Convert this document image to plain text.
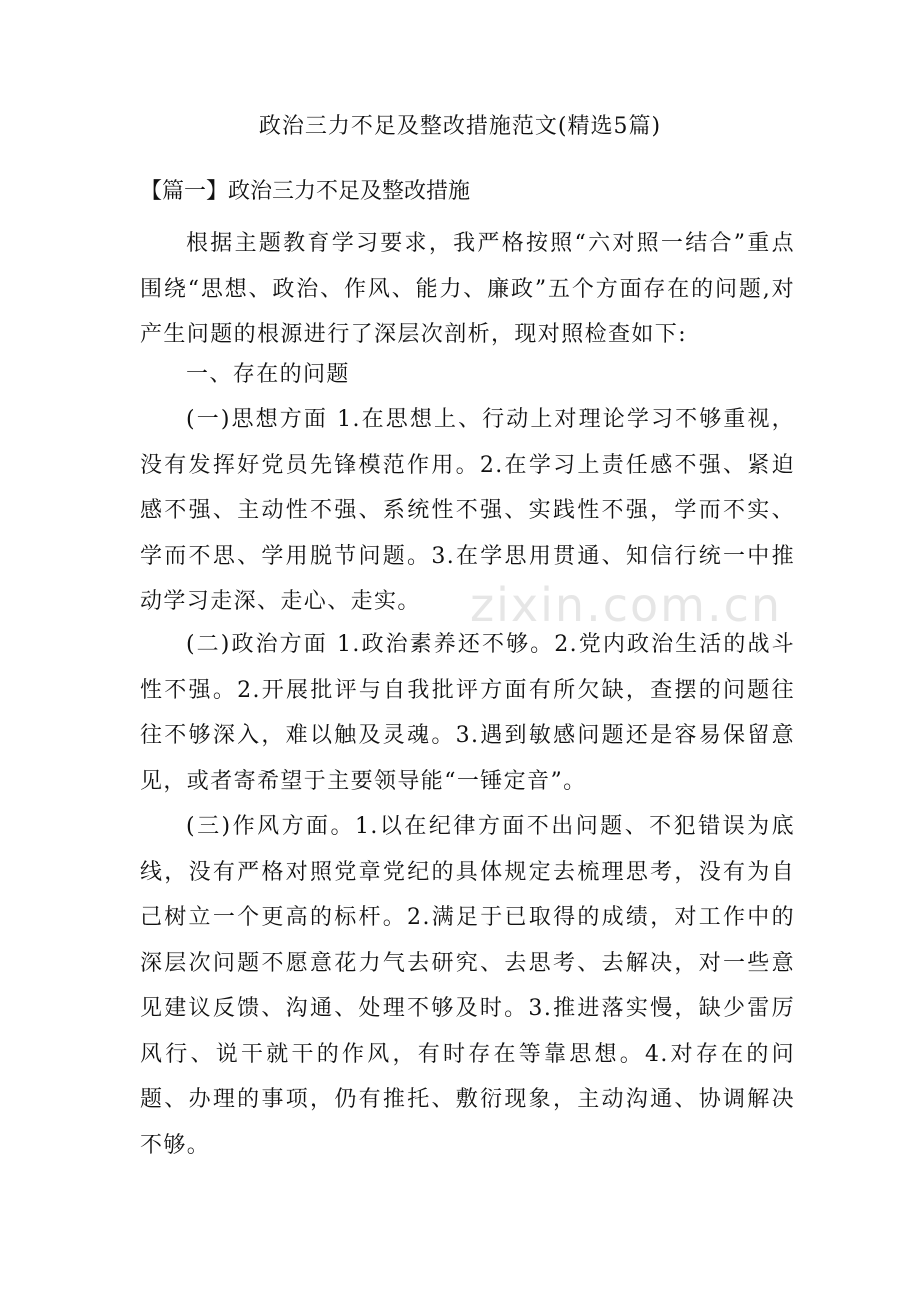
政治三力不足及整改措施范文(精选5篇)
【篇一】政治三力不足及整改措施
根据主题教育学习要求，我严格按照“六对照一结合”重点围绕“思想、政治、作风、能力、廉政”五个方面存在的问题,对产生问题的根源进行了深层次剖析，现对照检查如下:
一、存在的问题
(一)思想方面 1.在思想上、行动上对理论学习不够重视，没有发挥好党员先锋模范作用。2.在学习上责任感不强、紧迫感不强、主动性不强、系统性不强、实践性不强，学而不实、学而不思、学用脱节问题。3.在学思用贯通、知信行统一中推动学习走深、走心、走实。
(二)政治方面 1.政治素养还不够。2.党内政治生活的战斗性不强。2.开展批评与自我批评方面有所欠缺，查摆的问题往往不够深入，难以触及灵魂。3.遇到敏感问题还是容易保留意见，或者寄希望于主要领导能“一锤定音”。
(三)作风方面。1.以在纪律方面不出问题、不犯错误为底线，没有严格对照党章党纪的具体规定去梳理思考，没有为自己树立一个更高的标杆。2.满足于已取得的成绩，对工作中的深层次问题不愿意花力气去研究、去思考、去解决，对一些意见建议反馈、沟通、处理不够及时。3.推进落实慢，缺少雷厉风行、说干就干的作风，有时存在等靠思想。4.对存在的问题、办理的事项，仍有推托、敷衍现象，主动沟通、协调解决不够。
zixin.com.cn
